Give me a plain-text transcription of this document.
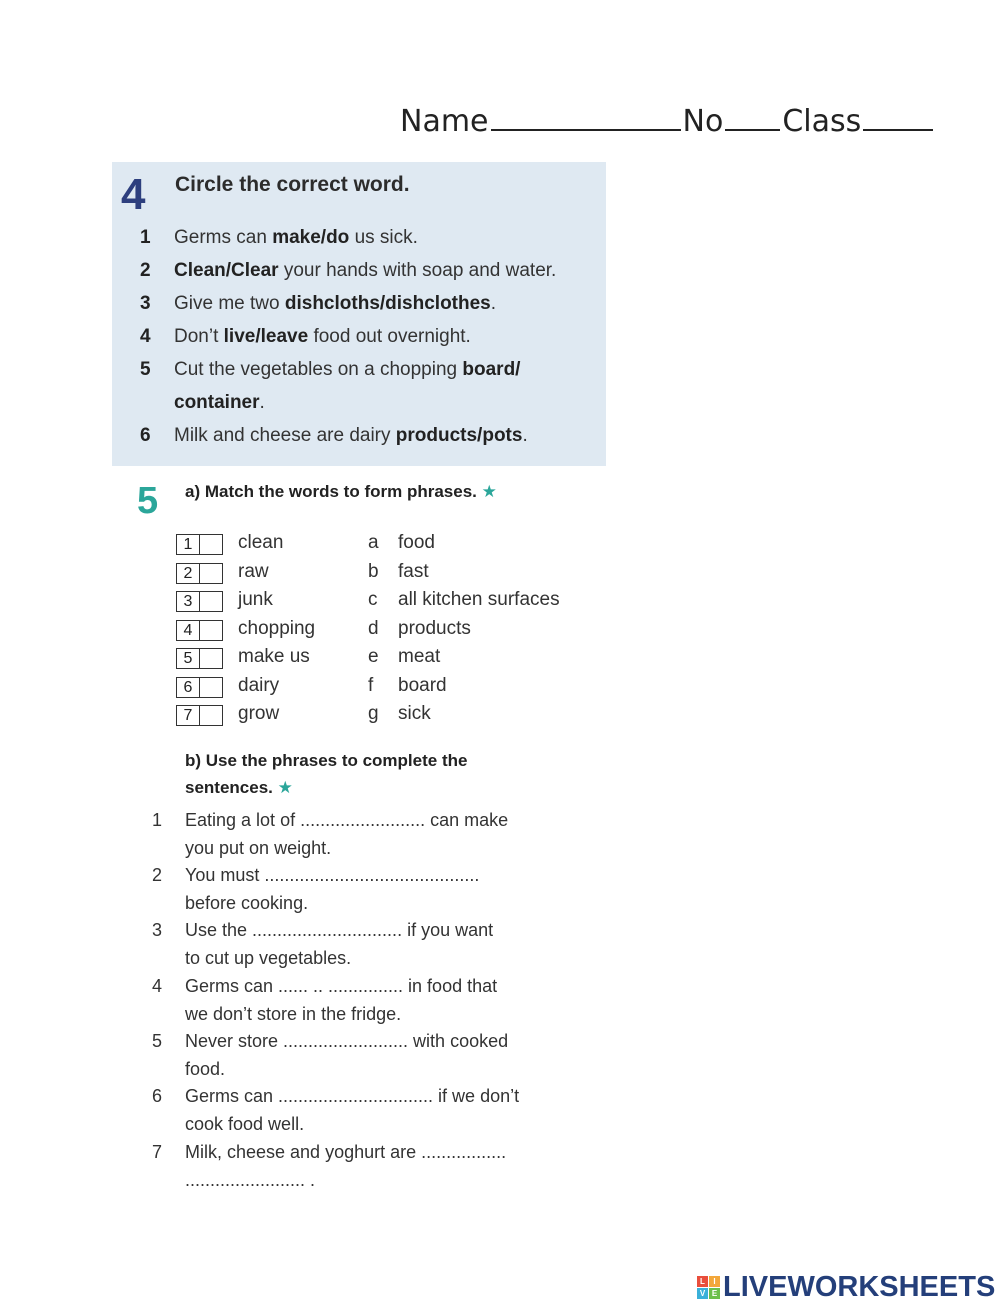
Name	No Class
4 Circle the correct word.
1 Germs can make/do us sick.
2 Clean/Clear your hands with soap and water.
3 Give me two dishcloths/dishclothes.
4 Don’t live/leave food out overnight.
5 Cut the vegetables on a chopping board/
container.
6 Milk and cheese are dairy products/pots.
5 a) Match the words to form phrases. ★
1	clean	a food
2	raw	b fast
3	junk	c all kitchen surfaces
4	chopping	d products
5	make us	e meat
6	dairy	f board
7	grow	g sick
b) Use the phrases to complete the
sentences. ★
1 Eating a lot of ......................... can make
you put on weight.
2 You must ...........................................
before cooking.
3 Use the .............................. if you want
to cut up vegetables.
4 Germs can ...... .. ............... in food that
we don’t store in the fridge.
5 Never store ......................... with cooked
food.
6 Germs can ............................... if we don’t
cook food well.
7 Milk, cheese and yoghurt are .................
........................ .
L	I
V E LIVEWORKSHEETS
